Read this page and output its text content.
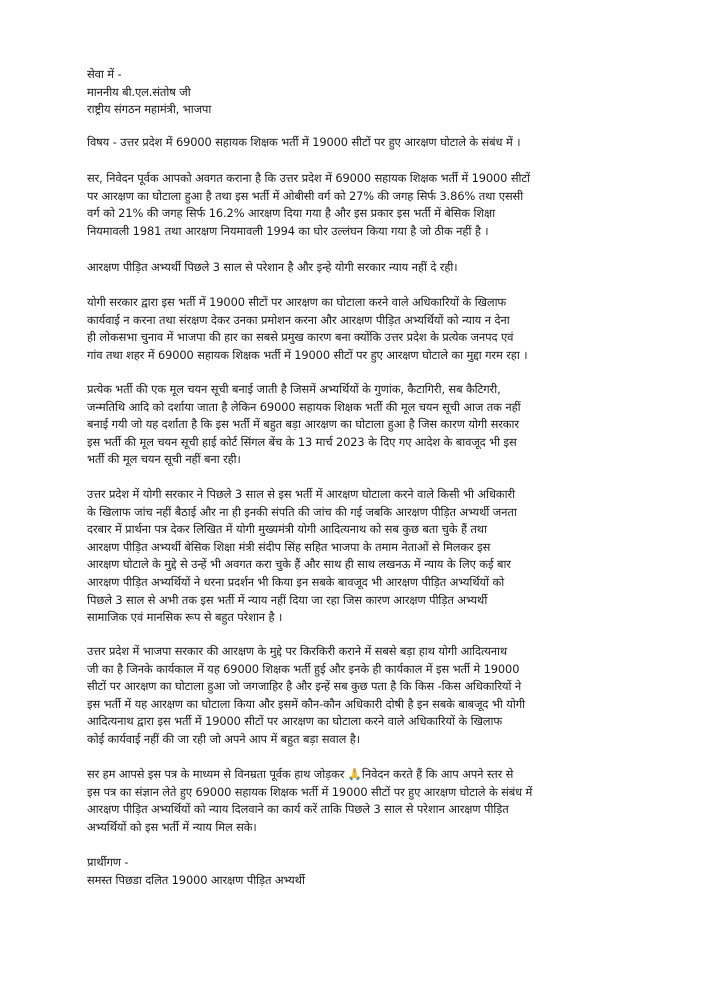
सेवा में -
माननीय बी.एल.संतोष जी
राष्ट्रीय संगठन महामंत्री, भाजपा
विषय - उत्तर प्रदेश में 69000 सहायक शिक्षक भर्ती में 19000 सीटों पर हुए आरक्षण घोटाले के संबंध में ।
सर, निवेदन पूर्वक आपको अवगत कराना है कि उत्तर प्रदेश में 69000 सहायक शिक्षक भर्ती में 19000 सीटों
पर आरक्षण का घोटाला हुआ है तथा इस भर्ती में ओबीसी वर्ग को 27% की जगह सिर्फ 3.86% तथा एससी
वर्ग को 21% की जगह सिर्फ 16.2% आरक्षण दिया गया है और इस प्रकार इस भर्ती में बेसिक शिक्षा
नियमावली 1981 तथा आरक्षण नियमावली 1994 का घोर उल्लंघन किया गया है जो ठीक नहीं है ।
आरक्षण पीड़ित अभ्यर्थी पिछले 3 साल से परेशान है और इन्हे योगी सरकार न्याय नहीं दे रही।
योगी सरकार द्वारा इस भर्ती में 19000 सीटों पर आरक्षण का घोटाला करने वाले अधिकारियों के खिलाफ
कार्यवाई न करना तथा संरक्षण देकर उनका प्रमोशन करना और आरक्षण पीड़ित अभ्यर्थियों को न्याय न देना
ही लोकसभा चुनाव में भाजपा की हार का सबसे प्रमुख कारण बना क्योंकि उत्तर प्रदेश के प्रत्येक जनपद एवं
गांव तथा शहर में 69000 सहायक शिक्षक भर्ती में 19000 सीटों पर हुए आरक्षण घोटाले का मुद्दा गरम रहा ।
प्रत्येक भर्ती की एक मूल चयन सूची बनाई जाती है जिसमें अभ्यर्थियों के गुणांक, कैटागिरी, सब कैटिगरी,
जन्मतिथि आदि को दर्शाया जाता है लेकिन 69000 सहायक शिक्षक भर्ती की मूल चयन सूची आज तक नहीं
बनाई गयी जो यह दर्शाता है कि इस भर्ती में बहुत बड़ा आरक्षण का घोटाला हुआ है जिस कारण योगी सरकार
इस भर्ती की मूल चयन सूची हाई कोर्ट सिंगल बेंच के 13 मार्च 2023 के दिए गए आदेश के बावजूद भी इस
भर्ती की मूल चयन सूची नहीं बना रही।
उत्तर प्रदेश में योगी सरकार ने पिछले 3 साल से इस भर्ती में आरक्षण घोटाला करने वाले किसी भी अधिकारी
के खिलाफ जांच नहीं बैठाई और ना ही इनकी संपति की जांच की गई जबकि आरक्षण पीड़ित अभ्यर्थी जनता
दरबार में प्रार्थना पत्र देकर लिखित में योगी मुख्यमंत्री योगी आदित्यनाथ को सब कुछ बता चुके हैं तथा
आरक्षण पीड़ित अभ्यर्थी बेसिक शिक्षा मंत्री संदीप सिंह सहित भाजपा के तमाम नेताओं से मिलकर इस
आरक्षण घोटाले के मुद्दे से उन्हें भी अवगत करा चुके हैं और साथ ही साथ लखनऊ में न्याय के लिए कई बार
आरक्षण पीड़ित अभ्यर्थियों ने धरना प्रदर्शन भी किया इन सबके बावजूद भी आरक्षण पीड़ित अभ्यर्थियों को
पिछले 3 साल से अभी तक इस भर्ती में न्याय नहीं दिया जा रहा जिस कारण आरक्षण पीड़ित अभ्यर्थी
सामाजिक एवं मानसिक रूप से बहुत परेशान है ।
उत्तर प्रदेश में भाजपा सरकार की आरक्षण के मुद्दे पर किरकिरी कराने में सबसे बड़ा हाथ योगी आदित्यनाथ
जी का है जिनके कार्यकाल में यह 69000 शिक्षक भर्ती हुई और इनके ही कार्यकाल में इस भर्ती मे 19000
सीटों पर आरक्षण का घोटाला हुआ जो जगजाहिर है और इन्हें सब कुछ पता है कि किस -किस अधिकारियों ने
इस भर्ती में यह आरक्षण का घोटाला किया और इसमें कौन-कौन अधिकारी दोषी है इन सबके बाबजूद भी योगी
आदित्यनाथ द्वारा इस भर्ती में 19000 सीटों पर आरक्षण का घोटाला करने वाले अधिकारियों के खिलाफ
कोई कार्यवाई नहीं की जा रही जो अपने आप में बहुत बड़ा सवाल है।
सर हम आपसे इस पत्र के माध्यम से विनम्रता पूर्वक हाथ जोड़कर 🙏निवेदन करते हैं कि आप अपने स्तर से
इस पत्र का संज्ञान लेते हुए 69000 सहायक शिक्षक भर्ती में 19000 सीटों पर हुए आरक्षण घोटाले के संबंध में
आरक्षण पीड़ित अभ्यर्थियों को न्याय दिलवाने का कार्य करें ताकि पिछले 3 साल से परेशान आरक्षण पीड़ित
अभ्यर्थियों को इस भर्ती में न्याय मिल सके।
प्रार्थीगण -
समस्त पिछडा दलित 19000 आरक्षण पीड़ित अभ्यर्थी
